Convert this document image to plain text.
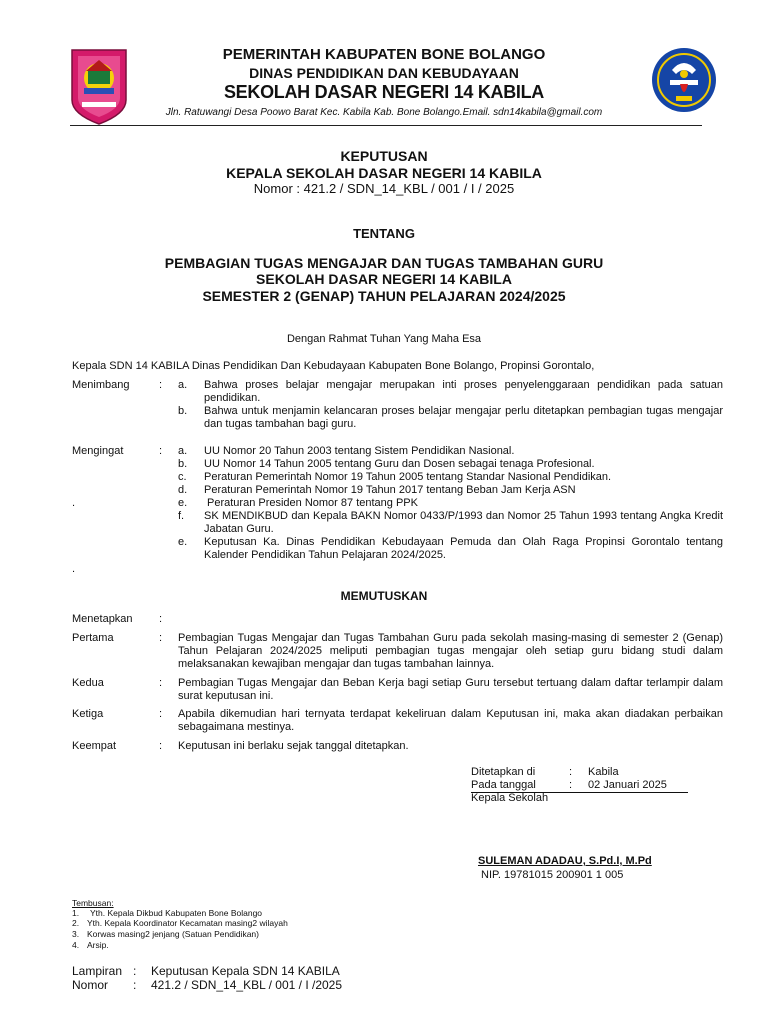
PEMERINTAH KABUPATEN BONE BOLANGO
DINAS PENDIDIKAN DAN KEBUDAYAAN
SEKOLAH DASAR NEGERI 14 KABILA
Jln. Ratuwangi Desa Poowo Barat Kec. Kabila Kab. Bone Bolango.Email. sdn14kabila@gmail.com
KEPUTUSAN
KEPALA SEKOLAH DASAR NEGERI 14 KABILA
Nomor : 421.2 / SDN_14_KBL / 001 / I / 2025
TENTANG
PEMBAGIAN TUGAS MENGAJAR DAN TUGAS TAMBAHAN GURU
SEKOLAH DASAR NEGERI 14 KABILA
SEMESTER 2 (GENAP) TAHUN PELAJARAN 2024/2025
Dengan Rahmat Tuhan Yang Maha Esa
Kepala SDN 14 KABILA Dinas Pendidikan Dan Kebudayaan Kabupaten Bone Bolango, Propinsi Gorontalo,
Menimbang	: a. Bahwa proses belajar mengajar merupakan inti proses penyelenggaraan pendidikan pada satuan pendidikan.
b. Bahwa untuk menjamin kelancaran proses belajar mengajar perlu ditetapkan pembagian tugas mengajar dan tugas tambahan bagi guru.
Mengingat	: a. UU Nomor 20 Tahun 2003 tentang Sistem Pendidikan Nasional.
b. UU Nomor 14 Tahun 2005 tentang Guru dan Dosen sebagai tenaga Profesional.
c. Peraturan Pemerintah Nomor 19 Tahun 2005 tentang Standar Nasional Pendidikan.
d. Peraturan Pemerintah Nomor 19 Tahun 2017 tentang Beban Jam Kerja ASN
.	e. Peraturan Presiden Nomor 87 tentang PPK
f. SK MENDIKBUD dan Kepala BAKN Nomor 0433/P/1993 dan Nomor 25 Tahun 1993 tentang Angka Kredit Jabatan Guru.
e. Keputusan Ka. Dinas Pendidikan Kebudayaan Pemuda dan Olah Raga Propinsi Gorontalo tentang Kalender Pendidikan Tahun Pelajaran 2024/2025.
.
MEMUTUSKAN
Menetapkan :
Pertama	: Pembagian Tugas Mengajar dan Tugas Tambahan Guru pada sekolah masing-masing di semester 2 (Genap) Tahun Pelajaran 2024/2025 meliputi pembagian tugas mengajar oleh setiap guru bidang studi dalam melaksanakan kewajiban mengajar dan tugas tambahan lainnya.
Kedua	: Pembagian Tugas Mengajar dan Beban Kerja bagi setiap Guru tersebut tertuang dalam daftar terlampir dalam surat keputusan ini.
Ketiga	: Apabila dikemudian hari ternyata terdapat kekeliruan dalam Keputusan ini, maka akan diadakan perbaikan sebagaimana mestinya.
Keempat	: Keputusan ini berlaku sejak tanggal ditetapkan.
Ditetapkan di	: Kabila
Pada tanggal	: 02 Januari 2025
Kepala Sekolah
SULEMAN ADADAU, S.Pd.I, M.Pd
NIP. 19781015 200901 1 005
Tembusan:
1. Yth. Kepala Dikbud Kabupaten Bone Bolango
2. Yth. Kepala Koordinator Kecamatan masing2 wilayah
3. Korwas masing2 jenjang (Satuan Pendidikan)
4. Arsip.
Lampiran : Keputusan Kepala SDN 14 KABILA
Nomor : 421.2 / SDN_14_KBL / 001 / I /2025
